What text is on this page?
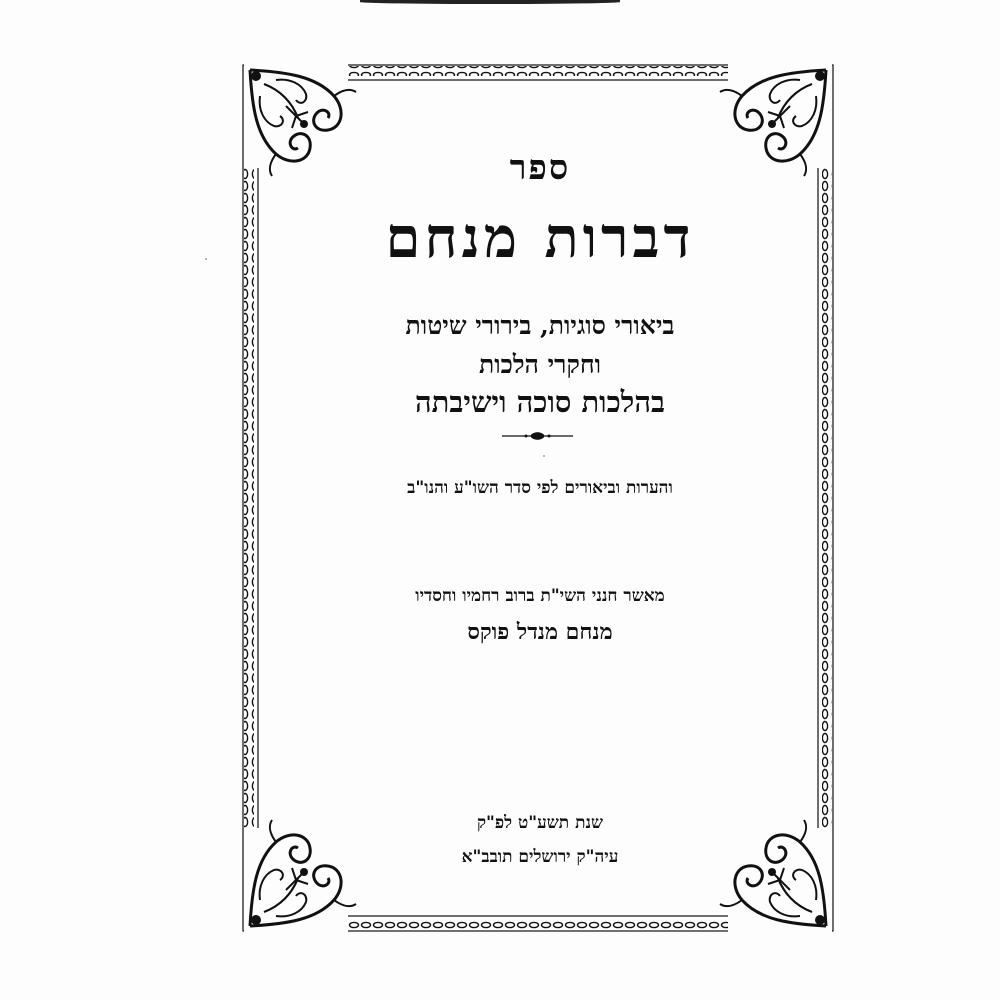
ספר
דברות מנחם
ביאורי סוגיות, בירורי שיטות
וחקרי הלכות
בהלכות סוכה וישיבתה
והערות וביאורים לפי סדר השו"ע והנו"ב
מאשר חנני השי"ת ברוב רחמיו וחסדיו
מנחם מנדל פוקס
שנת תשע"ט לפ"ק
עיה"ק ירושלים תובב"א
